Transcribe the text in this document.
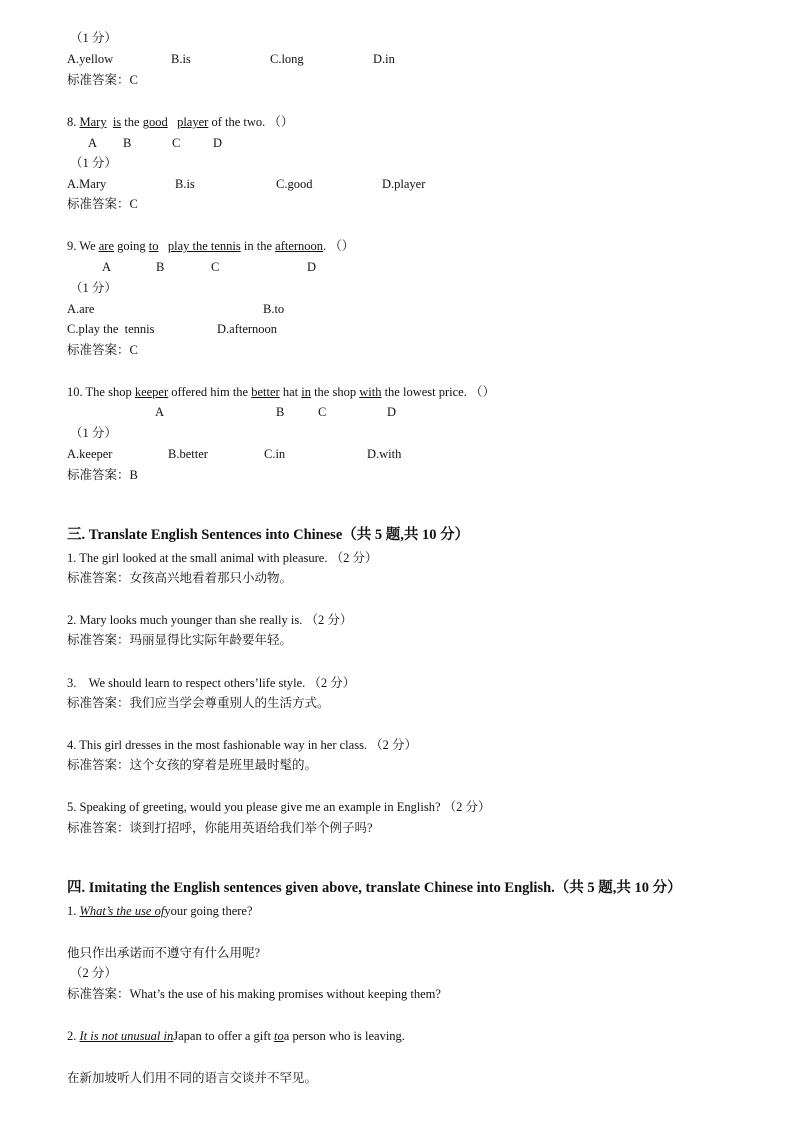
（1 分）
A.yellow	B.is	C.long	D.in
标准答案：C
8. Mary is the good player of the two. （）
A B	C	D
（1 分）
A.Mary	B.is	C.good	D.player
标准答案：C
9. We are going to play the tennis in the afternoon. （）
A	B	C	D
（1 分）
A.are	B.to
C.play the  tennis	D.afternoon
标准答案：C
10. The shop keeper offered him the better hat in the shop with the lowest price. （）
A	B	C	D
（1 分）
A.keeper	B.better	C.in	D.with
标准答案：B
三. Translate English Sentences into Chinese（共 5 题,共 10 分）
1. The girl looked at the small animal with pleasure. （2 分）
标准答案：女孩高兴地看着那只小动物。
2. Mary looks much younger than she really is. （2 分）
标准答案：玛丽显得比实际年龄要年轻。
3.    We should learn to respect others’life style. （2 分）
标准答案：我们应当学会尊重别人的生活方式。
4. This girl dresses in the most fashionable way in her class. （2 分）
标准答案：这个女孩的穿着是班里最时髦的。
5. Speaking of greeting, would you please give me an example in English? （2 分）
标准答案：谈到打招呼，你能用英语给我们举个例子吗?
四. Imitating the English sentences given above, translate Chinese into English.（共 5 题,共 10 分）
1. What’s the use ofyour going there?
他只作出承诺而不遵守有什么用呢?
（2 分）
标准答案：What’s the use of his making promises without keeping them?
2. It is not unusual inJapan to offer a gift toa person who is leaving.
在新加坡听人们用不同的语言交谈并不罕见。
